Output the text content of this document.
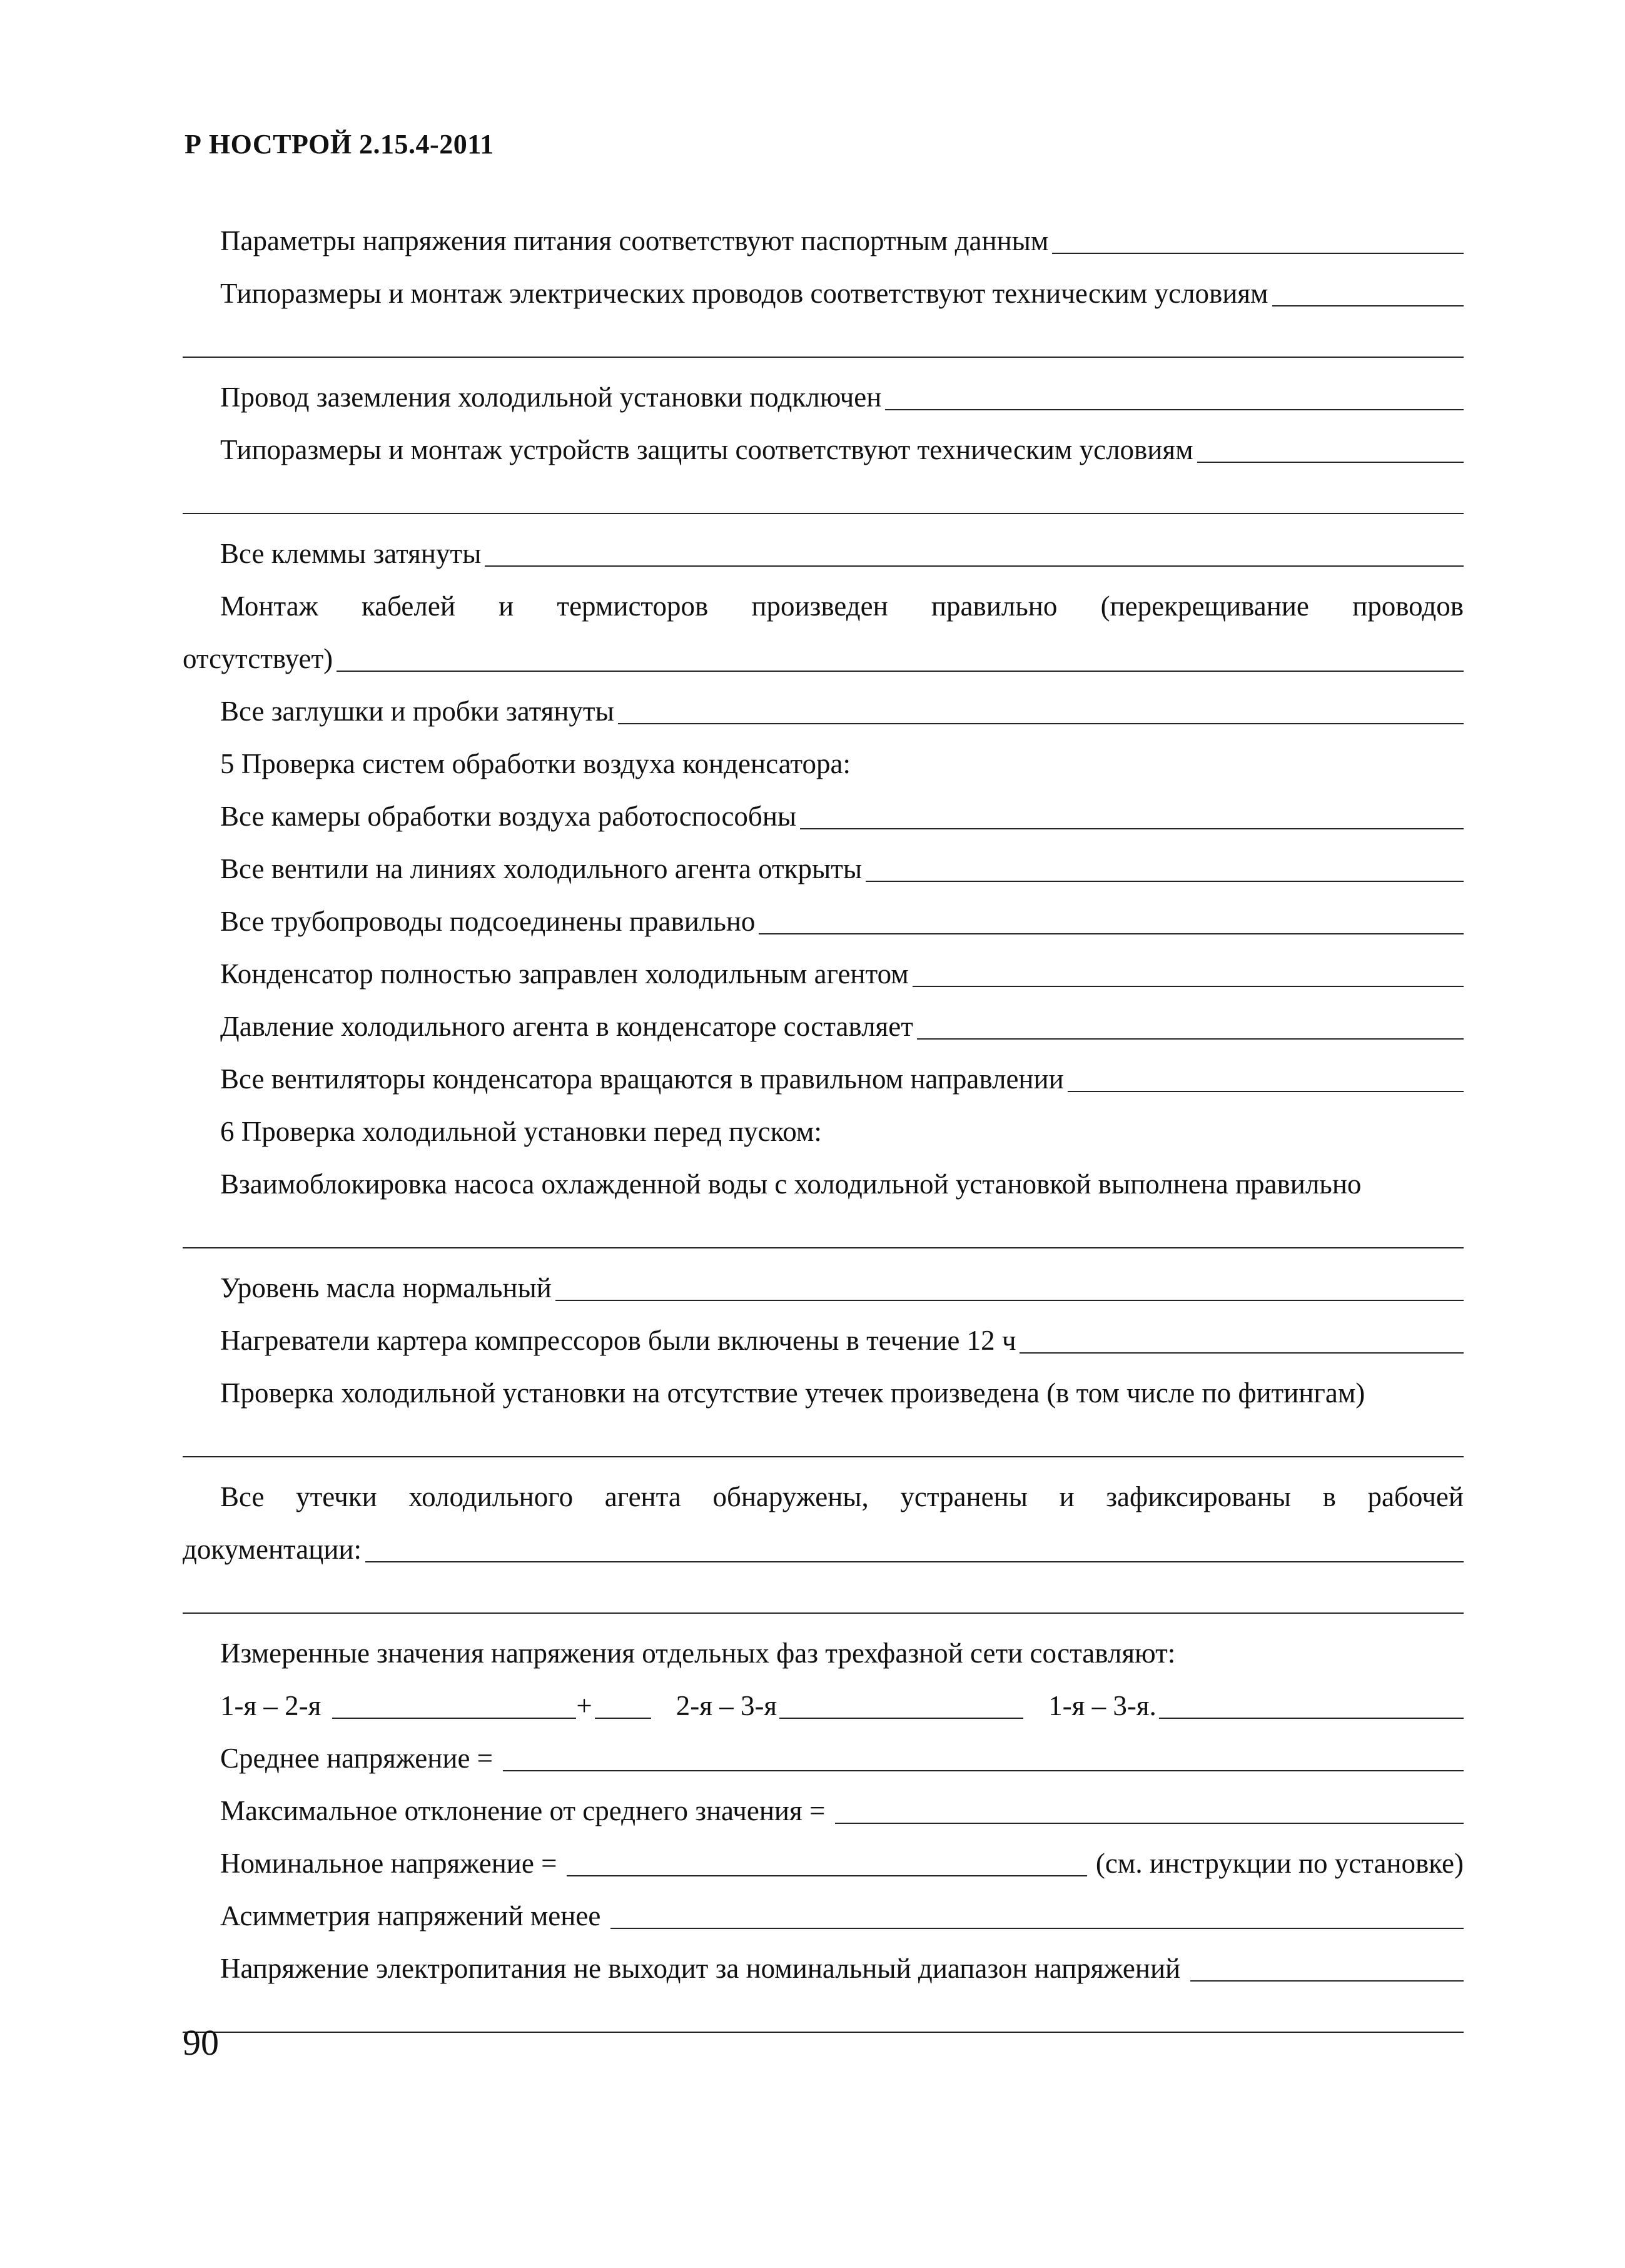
Р НОСТРОЙ 2.15.4-2011
Параметры напряжения питания соответствуют паспортным данным
Типоразмеры и монтаж электрических проводов соответствуют техническим условиям
Провод заземления холодильной установки подключен
Типоразмеры и монтаж устройств защиты соответствуют техническим условиям
Все клеммы затянуты
Монтаж кабелей и термисторов произведен правильно (перекрещивание проводов
отсутствует)
Все заглушки и пробки затянуты
5 Проверка систем обработки воздуха конденсатора:
Все камеры обработки воздуха работоспособны
Все вентили на линиях холодильного агента открыты
Все трубопроводы подсоединены правильно
Конденсатор полностью заправлен холодильным агентом
Давление холодильного агента в конденсаторе составляет
Все вентиляторы конденсатора вращаются в правильном направлении
6 Проверка холодильной установки перед пуском:
Взаимоблокировка насоса охлажденной воды с холодильной установкой выполнена правильно
Уровень масла нормальный
Нагреватели картера компрессоров были включены в течение 12 ч
Проверка холодильной установки на отсутствие утечек произведена (в том числе по фитингам)
Все утечки холодильного агента обнаружены, устранены и зафиксированы в рабочей
документации:
Измеренные значения напряжения отдельных фаз трехфазной сети составляют:
1-я – 2-я	+	2-я – 3-я	1-я – 3-я.
Среднее напряжение =
Максимальное отклонение от среднего значения =
Номинальное напряжение =	(см. инструкции по установке)
Асимметрия напряжений менее
Напряжение электропитания не выходит за номинальный диапазон напряжений
90
